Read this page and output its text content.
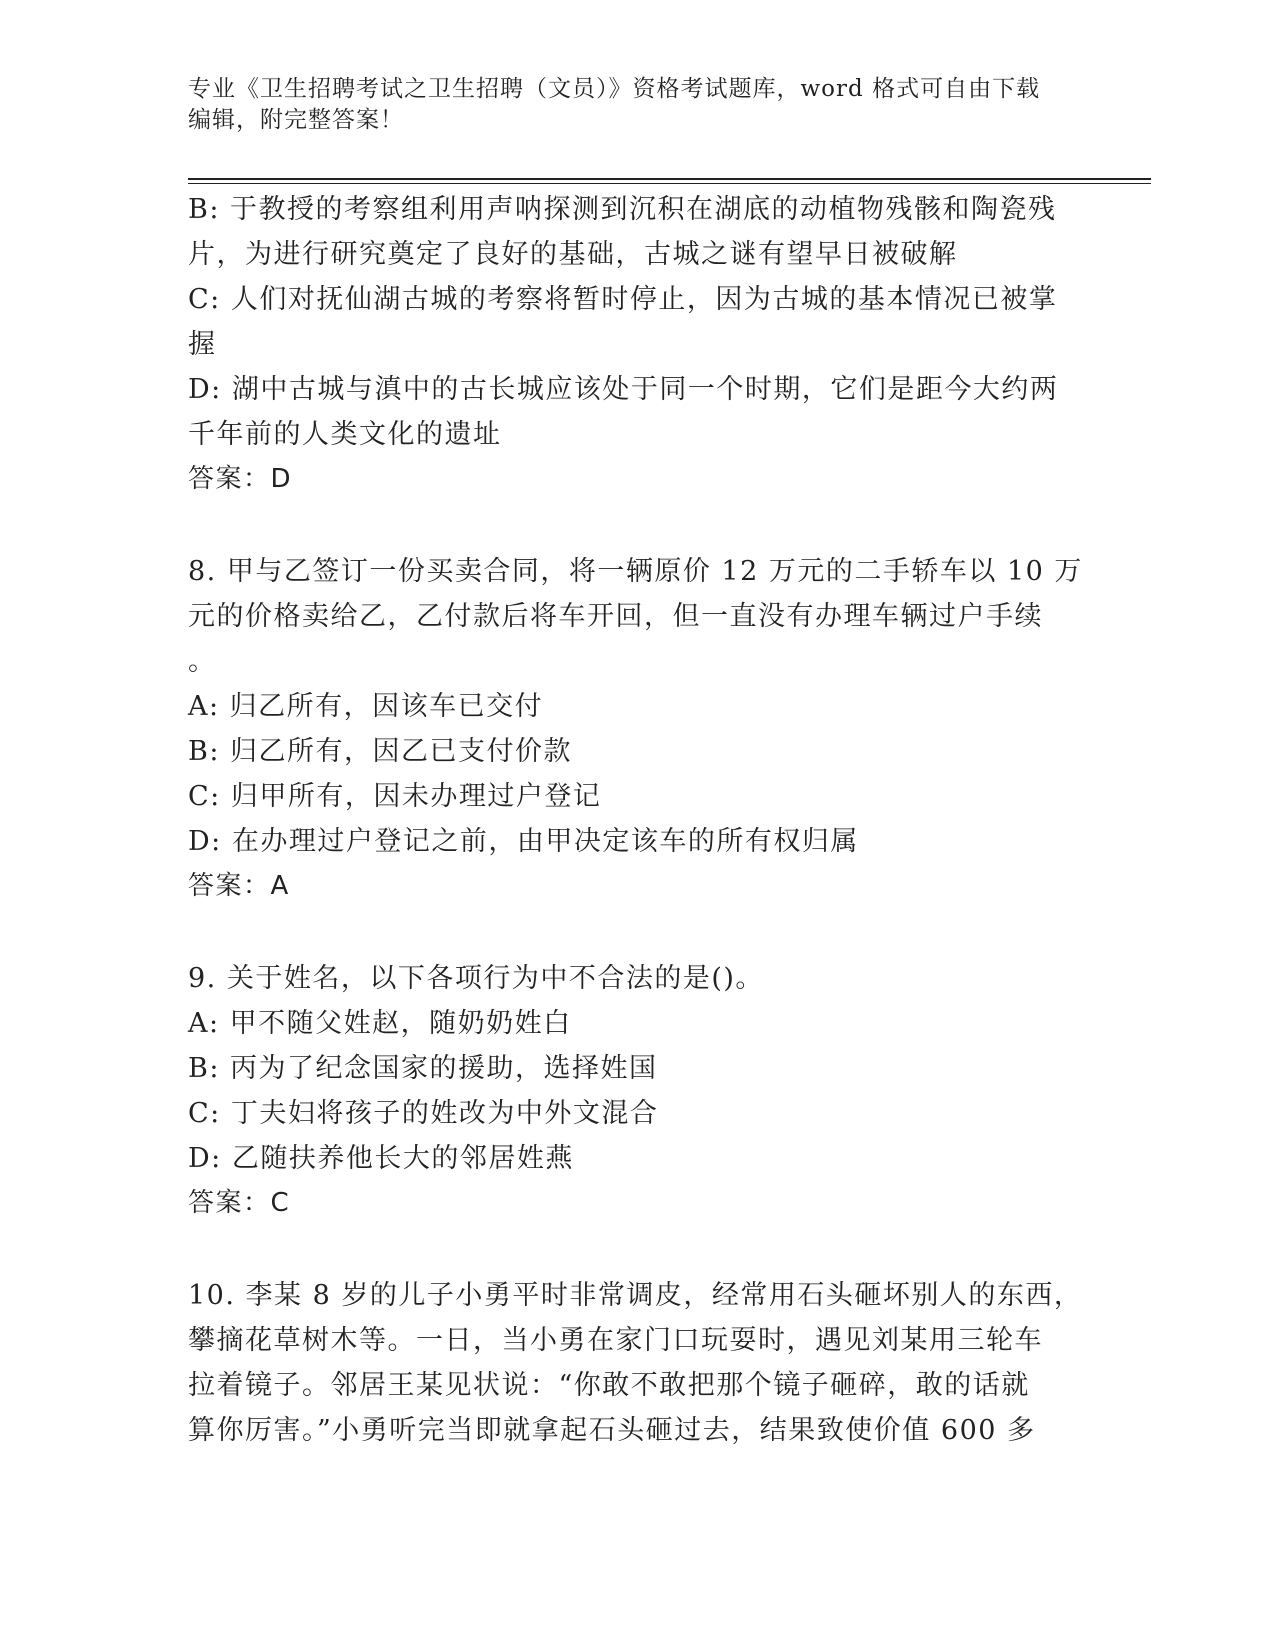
专业《卫生招聘考试之卫生招聘（文员）》资格考试题库，word 格式可自由下载
编辑，附完整答案！
B: 于教授的考察组利用声呐探测到沉积在湖底的动植物残骸和陶瓷残
片，为进行研究奠定了良好的基础，古城之谜有望早日被破解
C: 人们对抚仙湖古城的考察将暂时停止，因为古城的基本情况已被掌
握
D: 湖中古城与滇中的古长城应该处于同一个时期，它们是距今大约两
千年前的人类文化的遗址
答案：D
8. 甲与乙签订一份买卖合同，将一辆原价 12 万元的二手轿车以 10 万
元的价格卖给乙，乙付款后将车开回，但一直没有办理车辆过户手续
。
A: 归乙所有，因该车已交付
B: 归乙所有，因乙已支付价款
C: 归甲所有，因未办理过户登记
D: 在办理过户登记之前，由甲决定该车的所有权归属
答案：A
9. 关于姓名，以下各项行为中不合法的是()。
A: 甲不随父姓赵，随奶奶姓白
B: 丙为了纪念国家的援助，选择姓国
C: 丁夫妇将孩子的姓改为中外文混合
D: 乙随扶养他长大的邻居姓燕
答案：C
10. 李某 8 岁的儿子小勇平时非常调皮，经常用石头砸坏别人的东西，
攀摘花草树木等。一日，当小勇在家门口玩耍时，遇见刘某用三轮车
拉着镜子。邻居王某见状说：“你敢不敢把那个镜子砸碎，敢的话就
算你厉害。”小勇听完当即就拿起石头砸过去，结果致使价值 600 多
